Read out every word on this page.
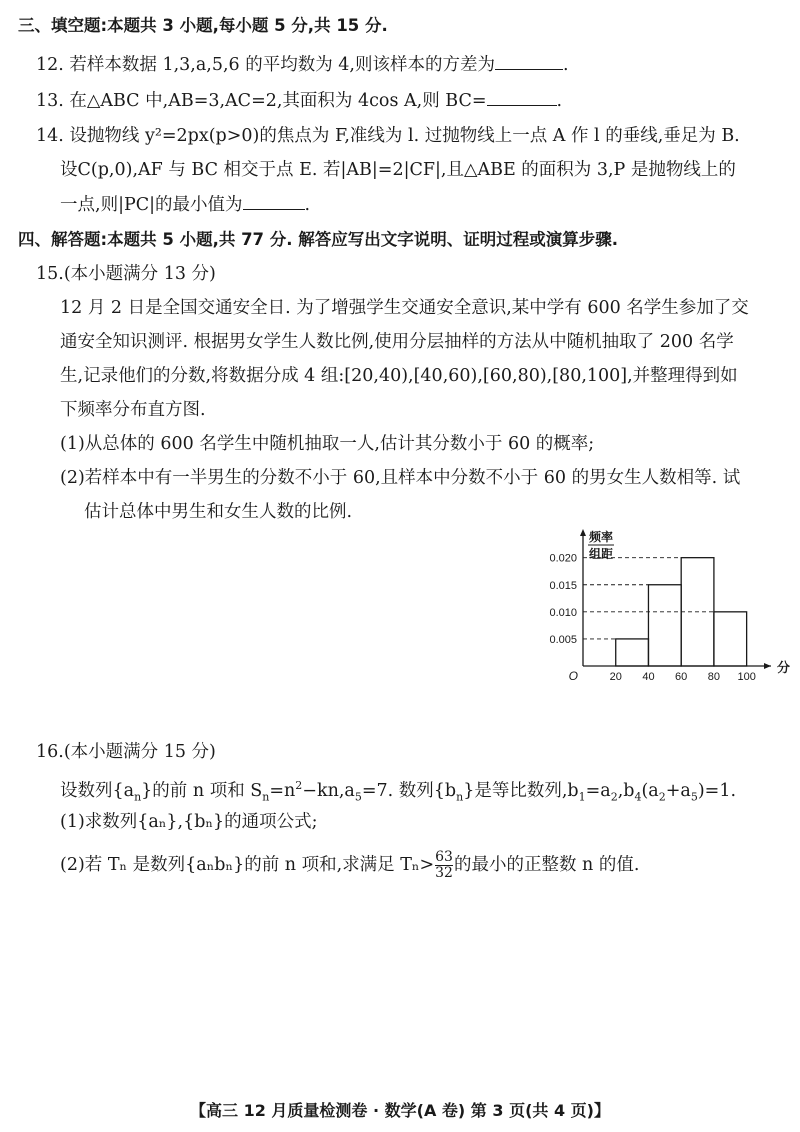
三、填空题:本题共 3 小题,每小题 5 分,共 15 分.
12. 若样本数据 1,3,a,5,6 的平均数为 4,则该样本的方差为	.
13. 在△ABC 中,AB=3,AC=2,其面积为 4cos A,则 BC=	.
14. 设抛物线 y²=2px(p>0)的焦点为 F,准线为 l. 过抛物线上一点 A 作 l 的垂线,垂足为 B.
设C(p,0),AF 与 BC 相交于点 E. 若|AB|=2|CF|,且△ABE 的面积为 3,P 是抛物线上的
一点,则|PC|的最小值为	.
四、解答题:本题共 5 小题,共 77 分. 解答应写出文字说明、证明过程或演算步骤.
15.(本小题满分 13 分)
12 月 2 日是全国交通安全日. 为了增强学生交通安全意识,某中学有 600 名学生参加了交
通安全知识测评. 根据男女学生人数比例,使用分层抽样的方法从中随机抽取了 200 名学
生,记录他们的分数,将数据分成 4 组:[20,40),[40,60),[60,80),[80,100],并整理得到如
下频率分布直方图.
(1)从总体的 600 名学生中随机抽取一人,估计其分数小于 60 的概率;
(2)若样本中有一半男生的分数不小于 60,且样本中分数不小于 60 的男女生人数相等. 试
估计总体中男生和女生人数的比例.
0.005
0.010
0.015
0.020
20 40 60 80 100
O
分
频率
组距
16.(本小题满分 15 分)
设数列$\{a_n\}$的前 n 项和 $S_n=n^2-kn,a_5=7$. 数列$\{b_n\}$是等比数列$,b_1=a_2,b_4(a_2+a_5)=1$.
(1)求数列{aₙ},{bₙ}的通项公式;
(2)若 Tₙ 是数列{aₙbₙ}的前 n 项和,求满足 $T_n> \frac{63}{32}$ 的最小的正整数 n 的值.
【高三 12 月质量检测卷 · 数学(A 卷) 第 3 页(共 4 页)】
